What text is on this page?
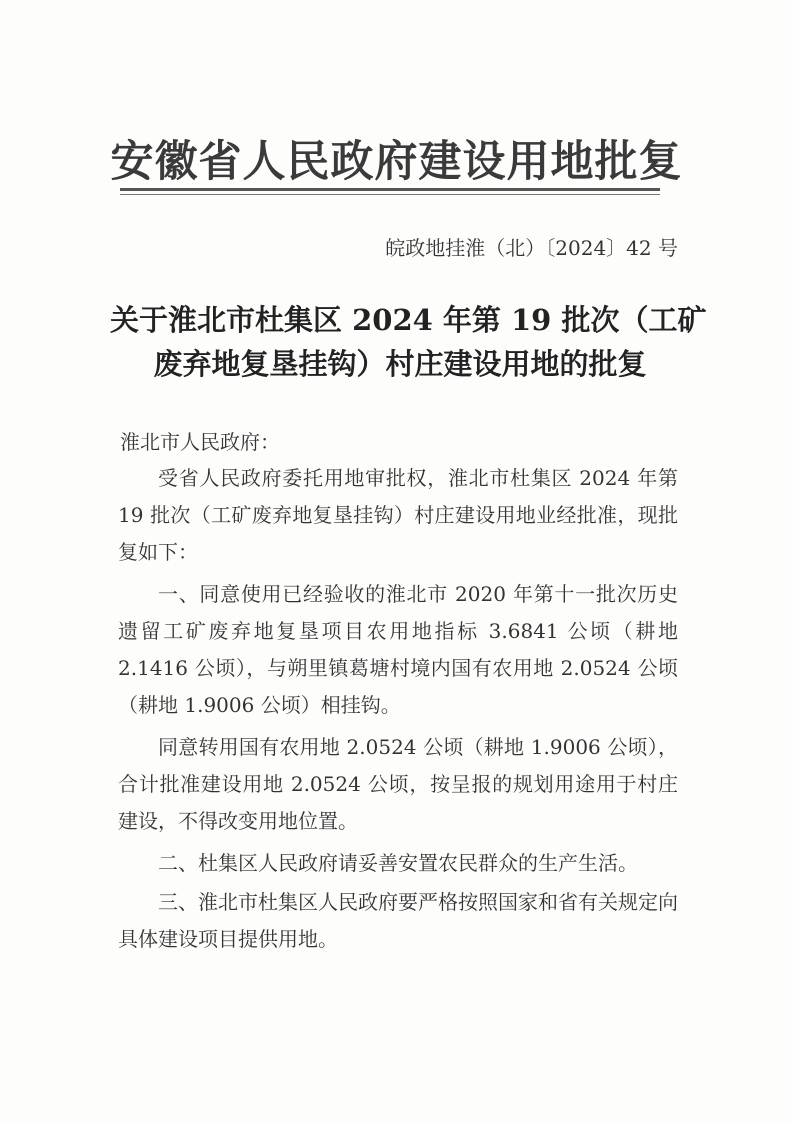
安徽省人民政府建设用地批复
皖政地挂淮（北）〔2024〕42 号
关于淮北市杜集区 2024 年第 19 批次（工矿
废弃地复垦挂钩）村庄建设用地的批复
淮北市人民政府：

受省人民政府委托用地审批权，淮北市杜集区 2024 年第 19 批次（工矿废弃地复垦挂钩）村庄建设用地业经批准，现批复如下：

一、同意使用已经验收的淮北市 2020 年第十一批次历史遗留工矿废弃地复垦项目农用地指标 3.6841 公顷（耕地 2.1416 公顷），与朔里镇葛塘村境内国有农用地 2.0524 公顷（耕地 1.9006 公顷）相挂钩。

同意转用国有农用地 2.0524 公顷（耕地 1.9006 公顷），合计批准建设用地 2.0524 公顷，按呈报的规划用途用于村庄建设，不得改变用地位置。

二、杜集区人民政府请妥善安置农民群众的生产生活。

三、淮北市杜集区人民政府要严格按照国家和省有关规定向具体建设项目提供用地。
